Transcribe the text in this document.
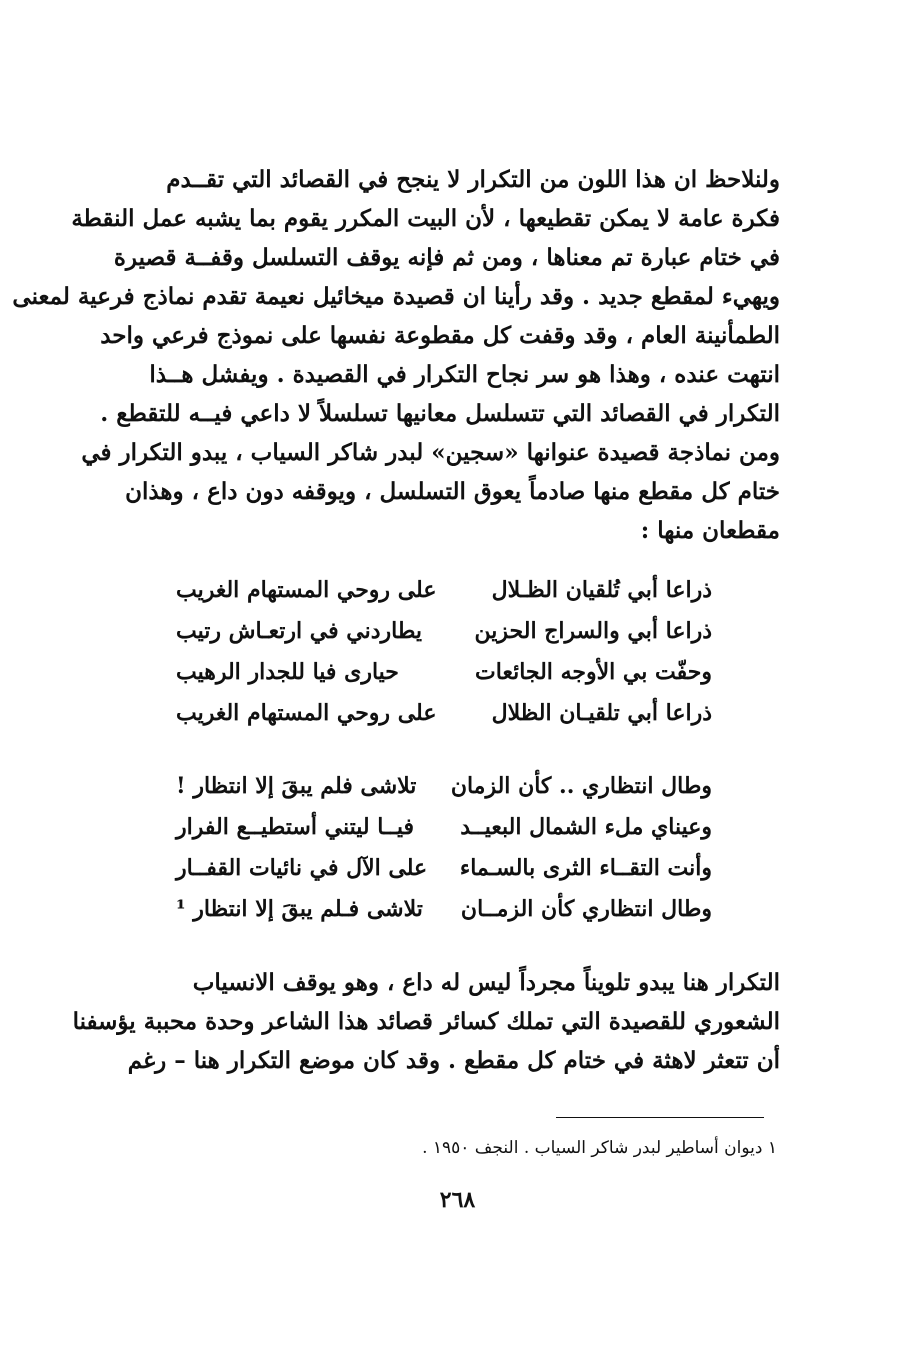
ولنلاحظ ان هذا اللون من التكرار لا ينجح في القصائد التي تقــدم
فكرة عامة لا يمكن تقطيعها ، لأن البيت المكرر يقوم بما يشبه عمل النقطة
في ختام عبارة تم معناها ، ومن ثم فإنه يوقف التسلسل وقفــة قصيرة
ويهيء لمقطع جديد . وقد رأينا ان قصيدة ميخائيل نعيمة تقدم نماذج فرعية لمعنى
الطمأنينة العام ، وقد وقفت كل مقطوعة نفسها على نموذج فرعي واحد
انتهت عنده ، وهذا هو سر نجاح التكرار في القصيدة . ويفشل هــذا
التكرار في القصائد التي تتسلسل معانيها تسلسلاً لا داعي فيــه للتقطع .
ومن نماذجة قصيدة عنوانها «سجين» لبدر شاكر السياب ، يبدو التكرار في
ختام كل مقطع منها صادماً يعوق التسلسل ، ويوقفه دون داع ، وهذان
مقطعان منها :
ذراعا أبي تُلقيان الظـلال
على روحي المستهام الغريب
ذراعا أبي والسراج الحزين
يطاردني في ارتعـاش رتيب
وحفّت بي الأوجه الجائعات
حيارى فيا للجدار الرهيب
ذراعا أبي تلقيـان الظلال
على روحي المستهام الغريب
وطال انتظاري .. كأن الزمان
تلاشى فلم يبقَ إلا انتظار !
وعيناي ملء الشمال البعيــد
فيــا ليتني أستطيــع الفرار
وأنت التقــاء الثرى بالسـماء
على الآل في نائيات القفــار
وطال انتظاري كأن الزمــان
تلاشى فـلم يبقَ إلا انتظار ¹
التكرار هنا يبدو تلويناً مجرداً ليس له داع ، وهو يوقف الانسياب
الشعوري للقصيدة التي تملك كسائر قصائد هذا الشاعر وحدة محببة يؤسفنا
أن تتعثر لاهثة في ختام كل مقطع . وقد كان موضع التكرار هنا – رغم
١ ديوان أساطير لبدر شاكر السياب . النجف ١٩٥٠ .
٢٦٨
